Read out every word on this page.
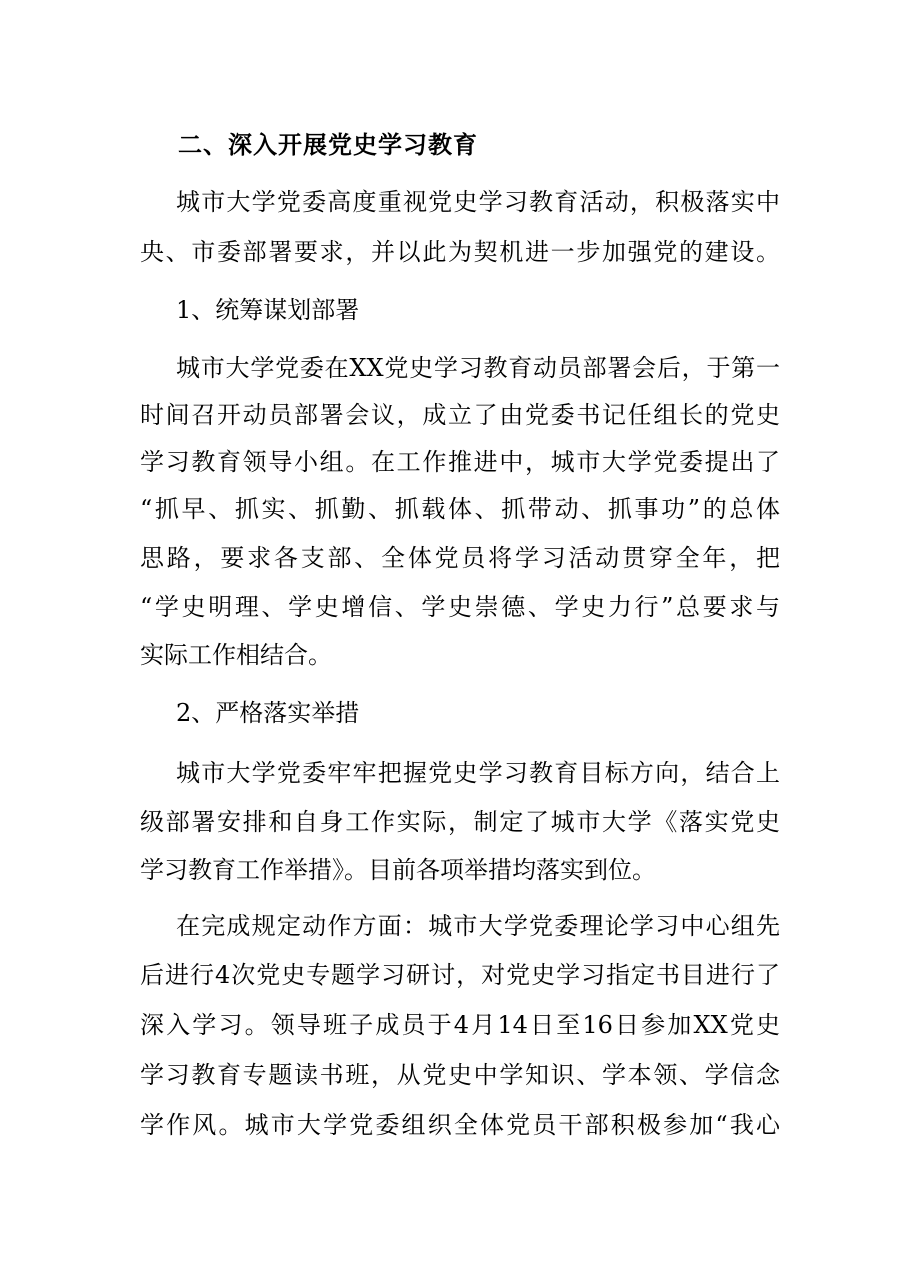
二、深入开展党史学习教育
城市大学党委高度重视党史学习教育活动，积极落实中
央、市委部署要求，并以此为契机进一步加强党的建设。
1、统筹谋划部署
城市大学党委在XX党史学习教育动员部署会后，于第一
时间召开动员部署会议，成立了由党委书记任组长的党史
学习教育领导小组。在工作推进中，城市大学党委提出了
“抓早、抓实、抓勤、抓载体、抓带动、抓事功”的总体
思路，要求各支部、全体党员将学习活动贯穿全年，把
“学史明理、学史增信、学史崇德、学史力行”总要求与
实际工作相结合。
2、严格落实举措
城市大学党委牢牢把握党史学习教育目标方向，结合上
级部署安排和自身工作实际，制定了城市大学《落实党史
学习教育工作举措》。目前各项举措均落实到位。
在完成规定动作方面：城市大学党委理论学习中心组先
后进行4次党史专题学习研讨，对党史学习指定书目进行了
深入学习。领导班子成员于4月14日至16日参加XX党史
学习教育专题读书班，从党史中学知识、学本领、学信念
学作风。城市大学党委组织全体党员干部积极参加“我心
